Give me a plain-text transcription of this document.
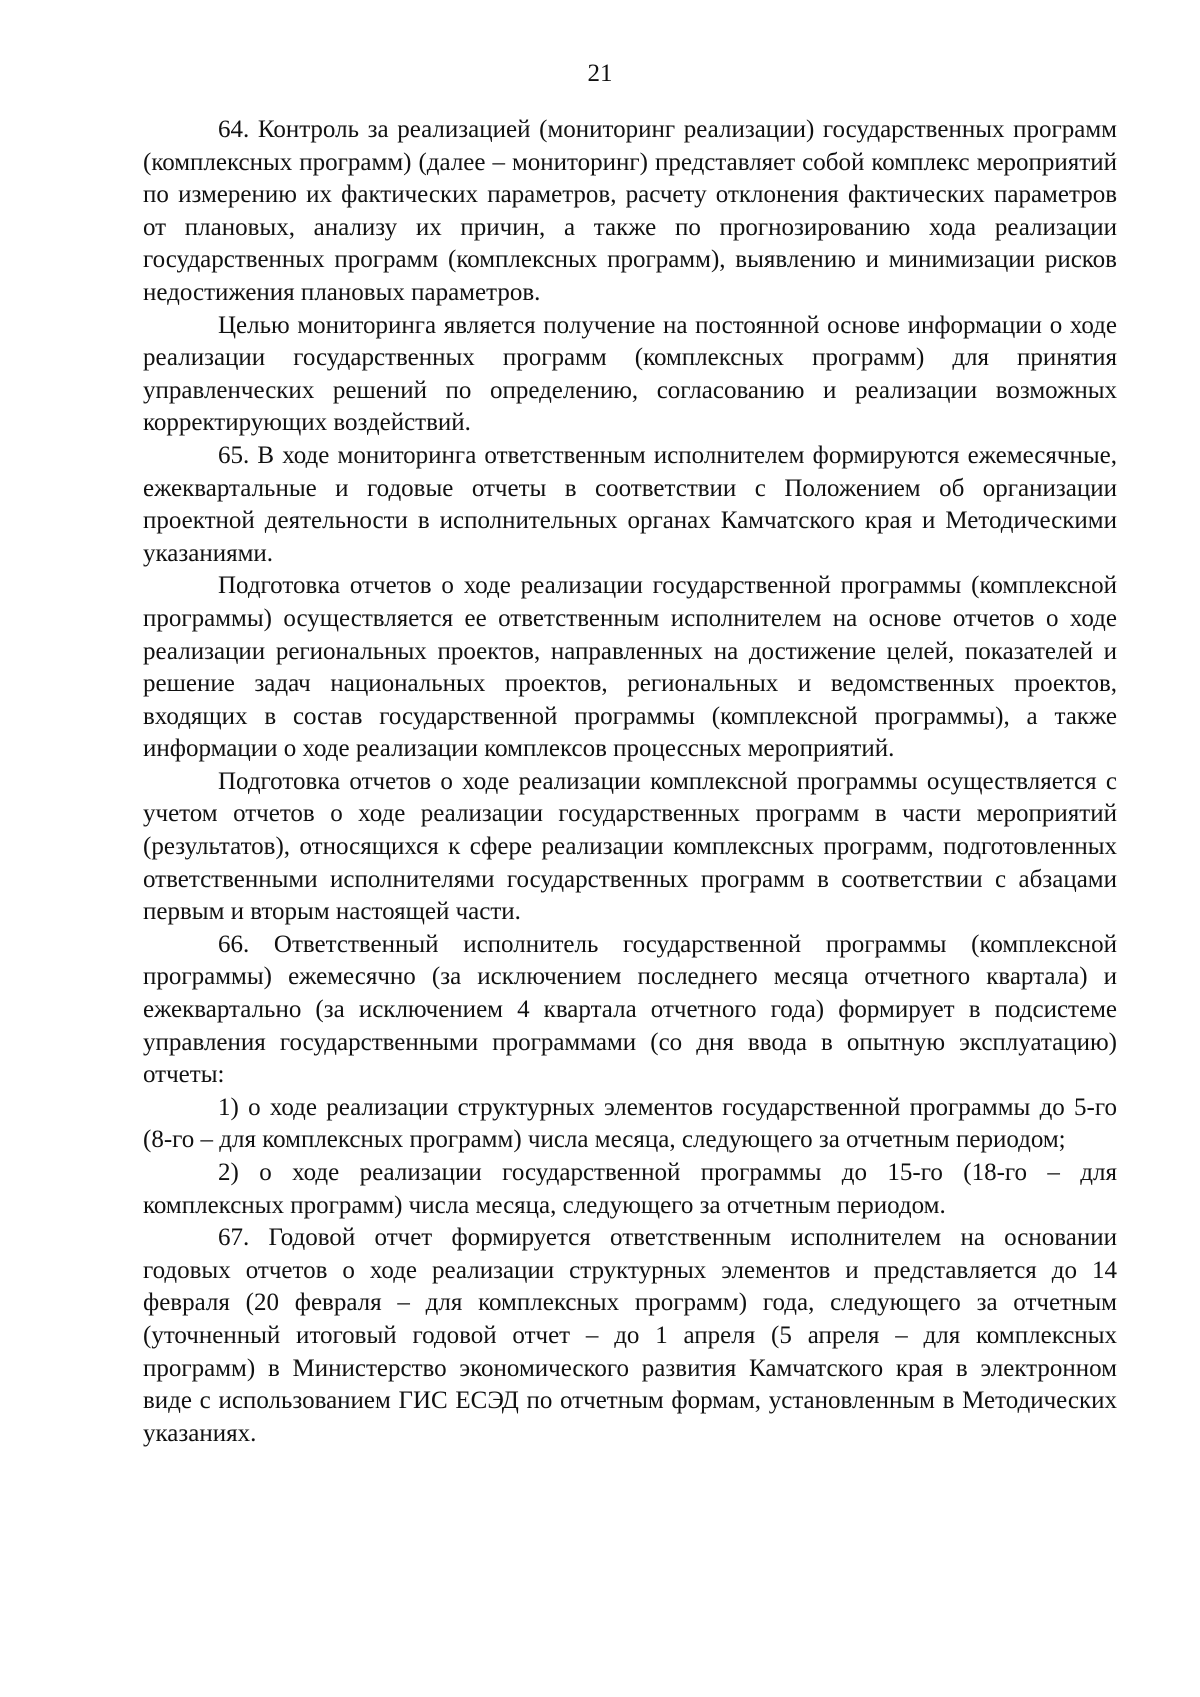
21

64. Контроль за реализацией (мониторинг реализации) государственных программ (комплексных программ) (далее – мониторинг) представляет собой комплекс мероприятий по измерению их фактических параметров, расчету отклонения фактических параметров от плановых, анализу их причин, а также по прогнозированию хода реализации государственных программ (комплексных программ), выявлению и минимизации рисков недостижения плановых параметров.

Целью мониторинга является получение на постоянной основе информации о ходе реализации государственных программ (комплексных программ) для принятия управленческих решений по определению, согласованию и реализации возможных корректирующих воздействий.

65. В ходе мониторинга ответственным исполнителем формируются ежемесячные, ежеквартальные и годовые отчеты в соответствии с Положением об организации проектной деятельности в исполнительных органах Камчатского края и Методическими указаниями.

Подготовка отчетов о ходе реализации государственной программы (комплексной программы) осуществляется ее ответственным исполнителем на основе отчетов о ходе реализации региональных проектов, направленных на достижение целей, показателей и решение задач национальных проектов, региональных и ведомственных проектов, входящих в состав государственной программы (комплексной программы), а также информации о ходе реализации комплексов процессных мероприятий.

Подготовка отчетов о ходе реализации комплексной программы осуществляется с учетом отчетов о ходе реализации государственных программ в части мероприятий (результатов), относящихся к сфере реализации комплексных программ, подготовленных ответственными исполнителями государственных программ в соответствии с абзацами первым и вторым настоящей части.

66. Ответственный исполнитель государственной программы (комплексной программы) ежемесячно (за исключением последнего месяца отчетного квартала) и ежеквартально (за исключением 4 квартала отчетного года) формирует в подсистеме управления государственными программами (со дня ввода в опытную эксплуатацию) отчеты:

1) о ходе реализации структурных элементов государственной программы до 5-го (8-го – для комплексных программ) числа месяца, следующего за отчетным периодом;

2) о ходе реализации государственной программы до 15-го (18-го – для комплексных программ) числа месяца, следующего за отчетным периодом.

67. Годовой отчет формируется ответственным исполнителем на основании годовых отчетов о ходе реализации структурных элементов и представляется до 14 февраля (20 февраля – для комплексных программ) года, следующего за отчетным (уточненный итоговый годовой отчет – до 1 апреля (5 апреля – для комплексных программ) в Министерство экономического развития Камчатского края в электронном виде с использованием ГИС ЕСЭД по отчетным формам, установленным в Методических указаниях.
